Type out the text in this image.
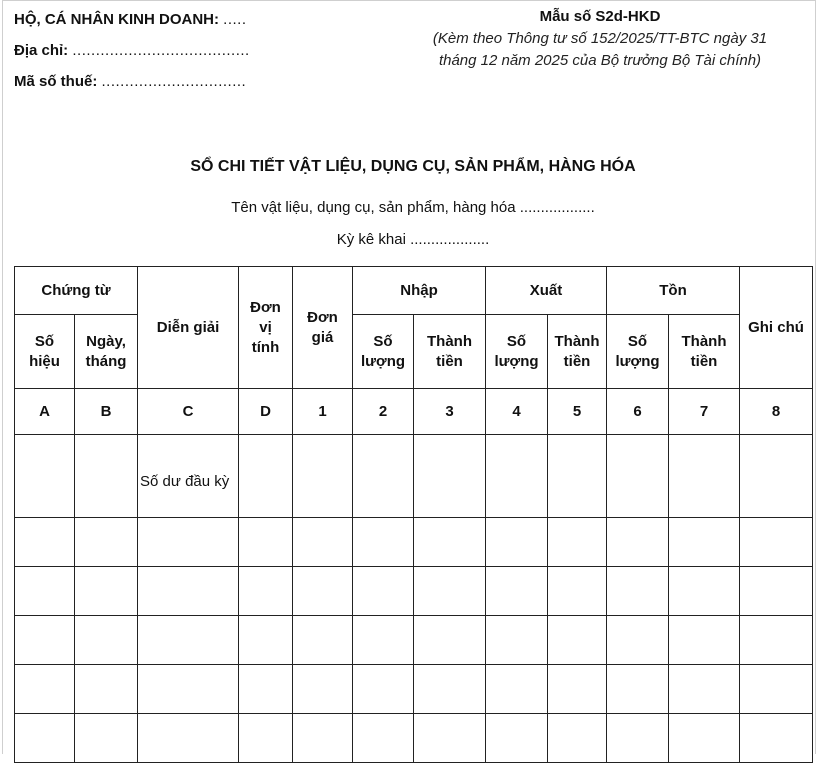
HỘ, CÁ NHÂN KINH DOANH: .....
Địa chỉ: ......................................
Mã số thuế: ...............................
Mẫu số S2d-HKD
(Kèm theo Thông tư số 152/2025/TT-BTC ngày 31
tháng 12 năm 2025 của Bộ trưởng Bộ Tài chính)
SỔ CHI TIẾT VẬT LIỆU, DỤNG CỤ, SẢN PHẨM, HÀNG HÓA
Tên vật liệu, dụng cụ, sản phẩm, hàng hóa ..................
Kỳ kê khai ...................
Chứng từ		Diễn giải	Đơn vị tính	Đơn giá	Nhập		Xuất		Tồn		Ghi chú
Số hiệu	Ngày, tháng				Số lượng	Thành tiền	Số lượng	Thành tiền	Số lượng	Thành tiền	
A	B	C	D	1	2	3	4	5	6	7	8
		Số dư đầu kỳ									
